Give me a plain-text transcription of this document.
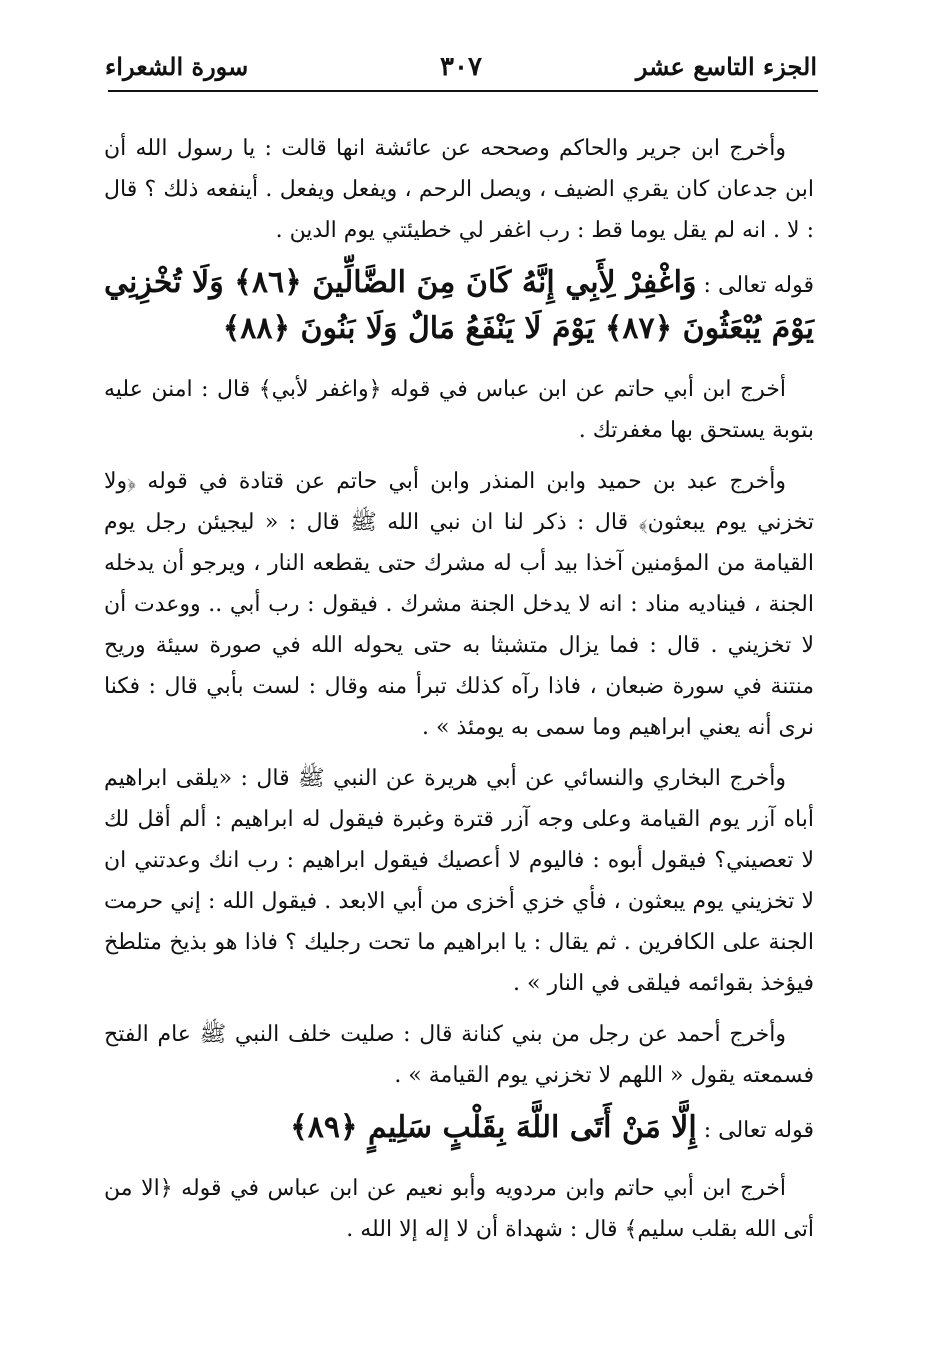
الجزء التاسع عشر
٣٠٧
سورة الشعراء

وأخرج ابن جرير والحاكم وصححه عن عائشة انها قالت : يا رسول الله أن ابن جدعان كان يقري الضيف ، ويصل الرحم ، ويفعل ويفعل . أينفعه ذلك ؟ قال : لا . انه لم يقل يوما قط : رب اغفر لي خطيئتي يوم الدين .

قوله تعالى : وَاغْفِرْ لِأَبِي إِنَّهُ كَانَ مِنَ الضَّالِّينَ ﴿٨٦﴾ وَلَا تُخْزِنِي يَوْمَ يُبْعَثُونَ ﴿٨٧﴾ يَوْمَ لَا يَنْفَعُ مَالٌ وَلَا بَنُونَ ﴿٨٨﴾

أخرج ابن أبي حاتم عن ابن عباس في قوله ﴿واغفر لأبي﴾ قال : امنن عليه بتوبة يستحق بها مغفرتك .

وأخرج عبد بن حميد وابن المنذر وابن أبي حاتم عن قتادة في قوله ﴿ولا تخزني يوم يبعثون﴾ قال : ذكر لنا ان نبي الله ﷺ قال : « ليجيئن رجل يوم القيامة من المؤمنين آخذا بيد أب له مشرك حتى يقطعه النار ، ويرجو أن يدخله الجنة ، فيناديه مناد : انه لا يدخل الجنة مشرك . فيقول : رب أبي .. ووعدت أن لا تخزيني . قال : فما يزال متشبثا به حتى يحوله الله في صورة سيئة وريح منتنة في سورة ضبعان ، فاذا رآه كذلك تبرأ منه وقال : لست بأبي قال : فكنا نرى أنه يعني ابراهيم وما سمى به يومئذ » .

وأخرج البخاري والنسائي عن أبي هريرة عن النبي ﷺ قال : «يلقى ابراهيم أباه آزر يوم القيامة وعلى وجه آزر قترة وغبرة فيقول له ابراهيم : ألم أقل لك لا تعصيني؟ فيقول أبوه : فاليوم لا أعصيك فيقول ابراهيم : رب انك وعدتني ان لا تخزيني يوم يبعثون ، فأي خزي أخزى من أبي الابعد . فيقول الله : إني حرمت الجنة على الكافرين . ثم يقال : يا ابراهيم ما تحت رجليك ؟ فاذا هو بذيخ متلطخ فيؤخذ بقوائمه فيلقى في النار » .

وأخرج أحمد عن رجل من بني كنانة قال : صليت خلف النبي ﷺ عام الفتح فسمعته يقول « اللهم لا تخزني يوم القيامة » .

قوله تعالى : إِلَّا مَنْ أَتَى اللَّهَ بِقَلْبٍ سَلِيمٍ ﴿٨٩﴾

أخرج ابن أبي حاتم وابن مردويه وأبو نعيم عن ابن عباس في قوله ﴿الا من أتى الله بقلب سليم﴾ قال : شهداة أن لا إله إلا الله .
